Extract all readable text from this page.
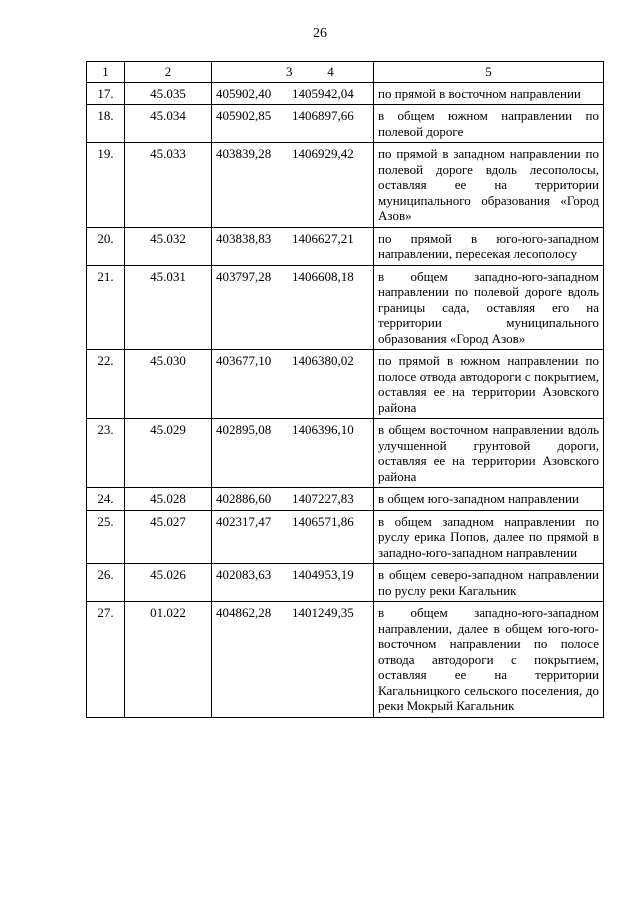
26
1	2	3 4	5
17.	45.035	405902,40 1405942,04	по прямой в восточном направлении
18.	45.034	405902,85 1406897,66	в общем южном направлении по полевой дороге
19.	45.033	403839,28 1406929,42	по прямой в западном направлении по полевой дороге вдоль лесополосы, оставляя ее на территории муниципального образования «Город Азов»
20.	45.032	403838,83 1406627,21	по прямой в юго-юго-западном направлении, пересекая лесополосу
21.	45.031	403797,28 1406608,18	в общем западно-юго-западном направлении по полевой дороге вдоль границы сада, оставляя его на территории муниципального образования «Город Азов»
22.	45.030	403677,10 1406380,02	по прямой в южном направлении по полосе отвода автодороги с покрытием, оставляя ее на территории Азовского района
23.	45.029	402895,08 1406396,10	в общем восточном направлении вдоль улучшенной грунтовой дороги, оставляя ее на территории Азовского района
24.	45.028	402886,60 1407227,83	в общем юго-западном направлении
25.	45.027	402317,47 1406571,86	в общем западном направлении по руслу ерика Попов, далее по прямой в западно-юго-западном направлении
26.	45.026	402083,63 1404953,19	в общем северо-западном направлении по руслу реки Кагальник
27.	01.022	404862,28 1401249,35	в общем западно-юго-западном направлении, далее в общем юго-юго-восточном направлении по полосе отвода автодороги с покрытием, оставляя ее на территории Кагальницкого сельского поселения, до реки Мокрый Кагальник
